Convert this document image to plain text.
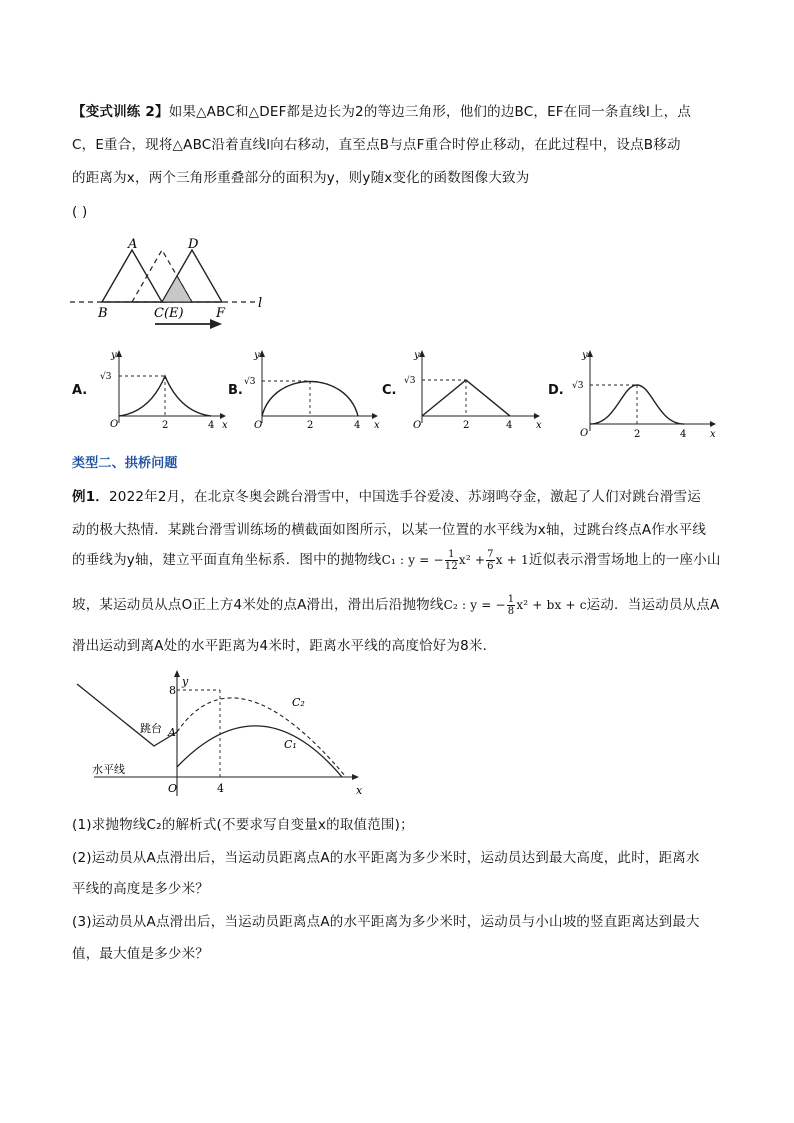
【变式训练 2】如果△ABC和△DEF都是边长为2的等边三角形，他们的边BC，EF在同一条直线l上，点
C，E重合，现将△ABC沿着直线l向右移动，直至点B与点F重合时停止移动，在此过程中，设点B移动
的距离为x，两个三角形重叠部分的面积为y，则y随x变化的函数图像大致为
( )
A	D
B	C(E) F
l
A.
y
x
√3
O	2	4
B.
y
x
√3
O	2	4
C.
y
x
√3
O	2	4
D.
y
x
√3
O	2	4
类型二、拱桥问题
例1．2022年2月，在北京冬奥会跳台滑雪中，中国选手谷爱凌、苏翊鸣夺金，激起了人们对跳台滑雪运
动的极大热情．某跳台滑雪训练场的横截面如图所示，以某一位置的水平线为x轴，过跳台终点A作水平线
的垂线为y轴，建立平面直角坐标系．图中的抛物线C₁ : y = − $\frac{1}{12} x^2 + \frac{7}{6}$ x + 1近似表示滑雪场地上的一座小山
坡，某运动员从点O正上方4米处的点A滑出，滑出后沿抛物线C₂ : y = − $\frac{1}{8} x^2$ + bx + c运动．当运动员从点A
滑出运动到离A处的水平距离为4米时，距离水平线的高度恰好为8米．
y
x
O
A
8
4
C₂
C₁
跳台
水平线
(1)求抛物线C₂的解析式(不要求写自变量x的取值范围)；
(2)运动员从A点滑出后，当运动员距离点A的水平距离为多少米时，运动员达到最大高度，此时，距离水
平线的高度是多少米？
(3)运动员从A点滑出后，当运动员距离点A的水平距离为多少米时，运动员与小山坡的竖直距离达到最大
值，最大值是多少米？
